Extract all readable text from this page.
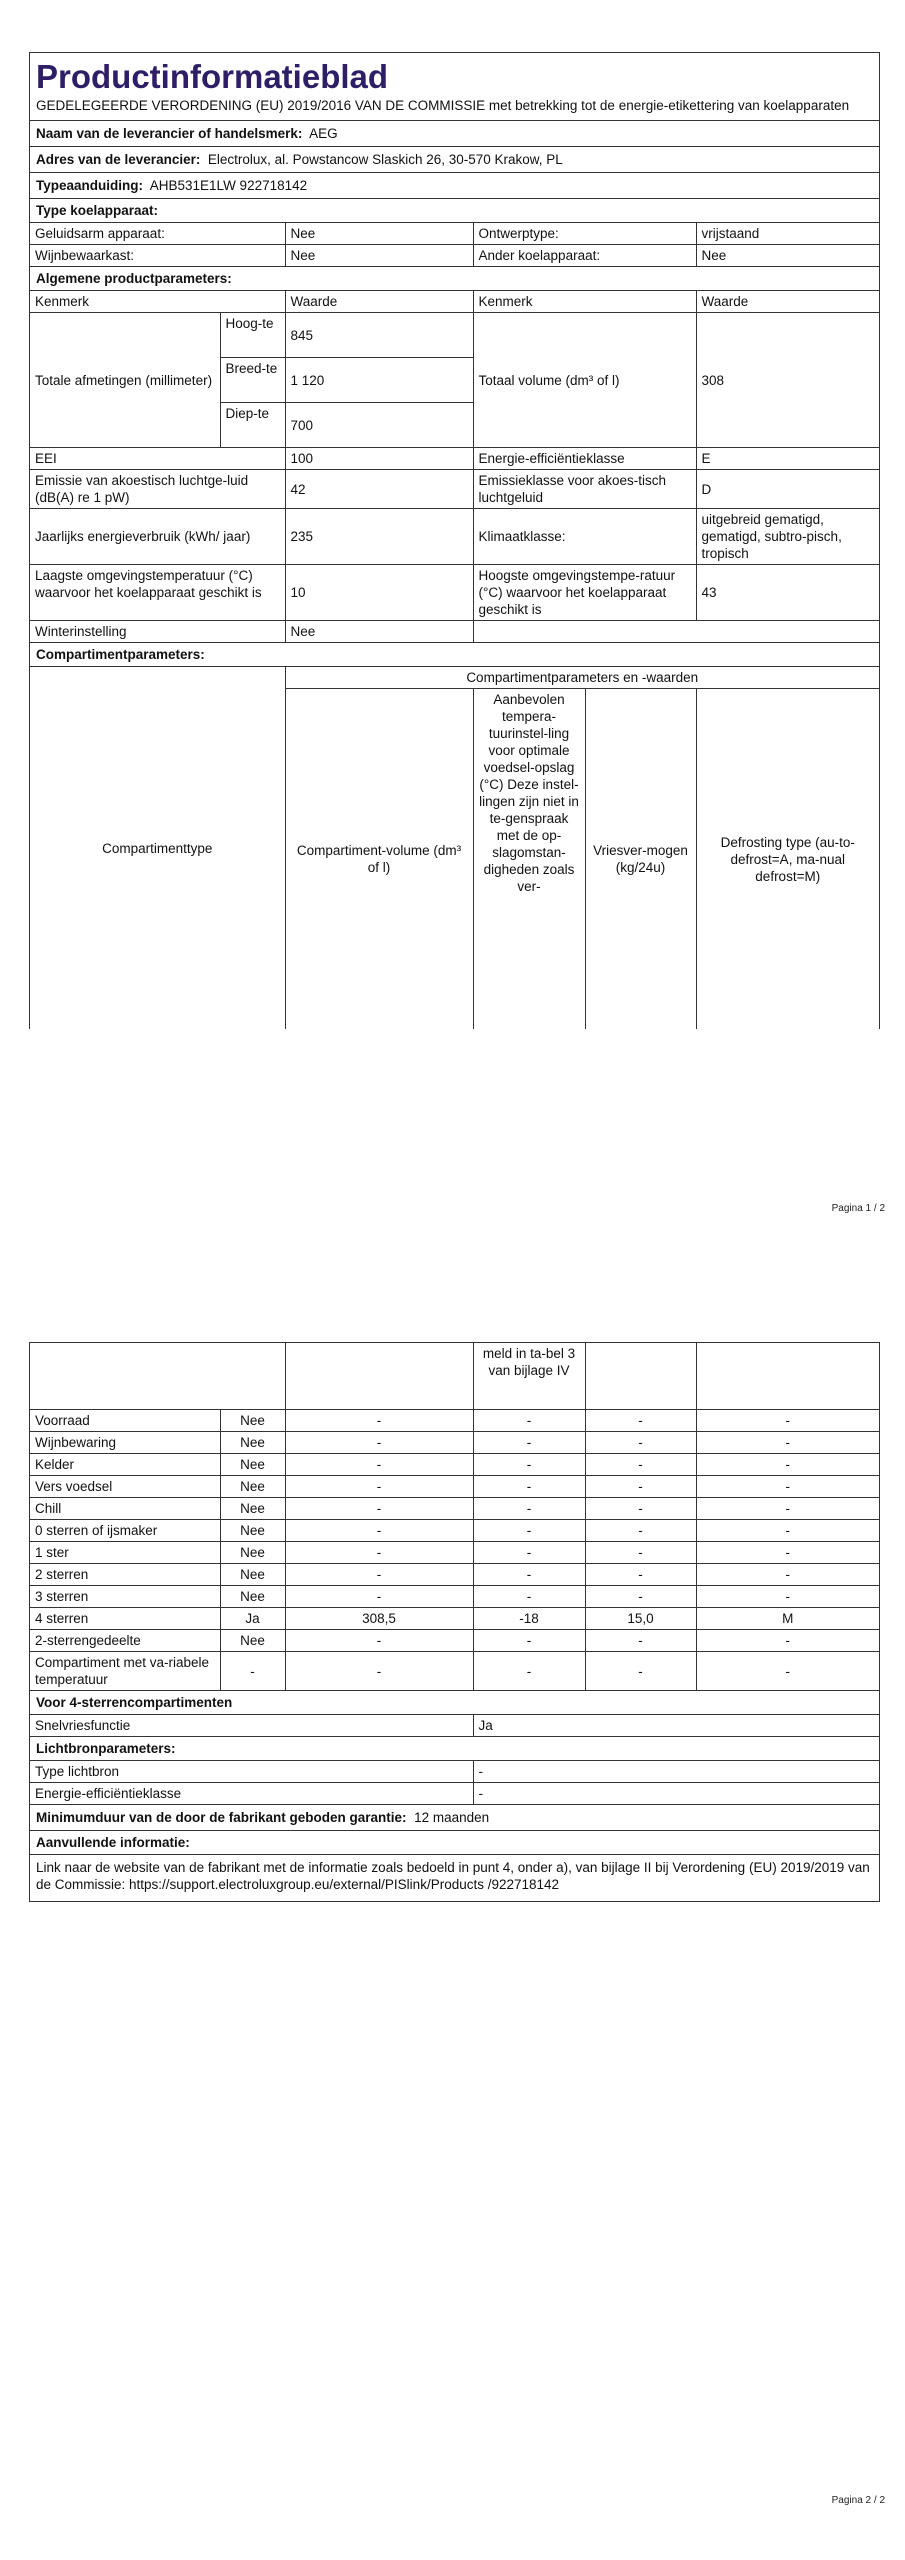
Productinformatieblad
GEDELEGEERDE VERORDENING (EU) 2019/2016 VAN DE COMMISSIE met betrekking tot de energie-etikettering van koelapparaten
Naam van de leverancier of handelsmerk: AEG
Adres van de leverancier: Electrolux, al. Powstancow Slaskich 26, 30-570 Krakow, PL
Typeaanduiding: AHB531E1LW 922718142
Type koelapparaat:
Geluidsarm apparaat:	Nee	Ontwerptype:	vrijstaand
Wijnbewaarkast:	Nee	Ander koelapparaat:	Nee
Algemene productparameters:
Kenmerk		Waarde	Kenmerk	Waarde
Totale afmetingen (millimeter)	Hoog-te	845	Totaal volume (dm³ of l)	308
	Breed-te	1 120		
	Diep-te	700		
EEI		100	Energie-efficiëntieklasse	E
Emissie van akoestisch luchtge-luid (dB(A) re 1 pW)		42	Emissieklasse voor akoes-tisch luchtgeluid	D
Jaarlijks energieverbruik (kWh/ jaar)		235	Klimaatklasse:	uitgebreid gematigd, gematigd, subtro-pisch, tropisch
Laagste omgevingstemperatuur (°C) waarvoor het koelapparaat geschikt is		10	Hoogste omgevingstempe-ratuur (°C) waarvoor het koelapparaat geschikt is	43
Winterinstelling		Nee		
Compartimentparameters:
Compartimenttype	Compartimentparameters en -waarden			
	Compartiment-volume (dm³ of l)	Aanbevolen tempera-tuurinstel-ling voor optimale voedsel-opslag (°C) Deze instel-lingen zijn niet in te-genspraak met de op-slagomstan-digheden zoals ver-	Vriesver-mogen (kg/24u)	Defrosting type (au-to-defrost=A, ma-nual defrost=M)
Pagina 1 / 2
			meld in ta-bel 3 van bijlage IV		
Voorraad	Nee	-	-	-	-
Wijnbewaring	Nee	-	-	-	-
Kelder	Nee	-	-	-	-
Vers voedsel	Nee	-	-	-	-
Chill	Nee	-	-	-	-
0 sterren of ijsmaker	Nee	-	-	-	-
1 ster	Nee	-	-	-	-
2 sterren	Nee	-	-	-	-
3 sterren	Nee	-	-	-	-
4 sterren	Ja	308,5	-18	15,0	M
2-sterrengedeelte	Nee	-	-	-	-
Compartiment met va-riabele temperatuur	-	-	-	-	-
Voor 4-sterrencompartimenten
Snelvriesfunctie	Ja
Lichtbronparameters:
Type lichtbron	-
Energie-efficiëntieklasse	-
Minimumduur van de door de fabrikant geboden garantie: 12 maanden
Aanvullende informatie:
Link naar de website van de fabrikant met de informatie zoals bedoeld in punt 4, onder a), van bijlage II bij Verordening (EU) 2019/2019 van de Commissie: https://support.electroluxgroup.eu/external/PISlink/Products /922718142
Pagina 2 / 2
